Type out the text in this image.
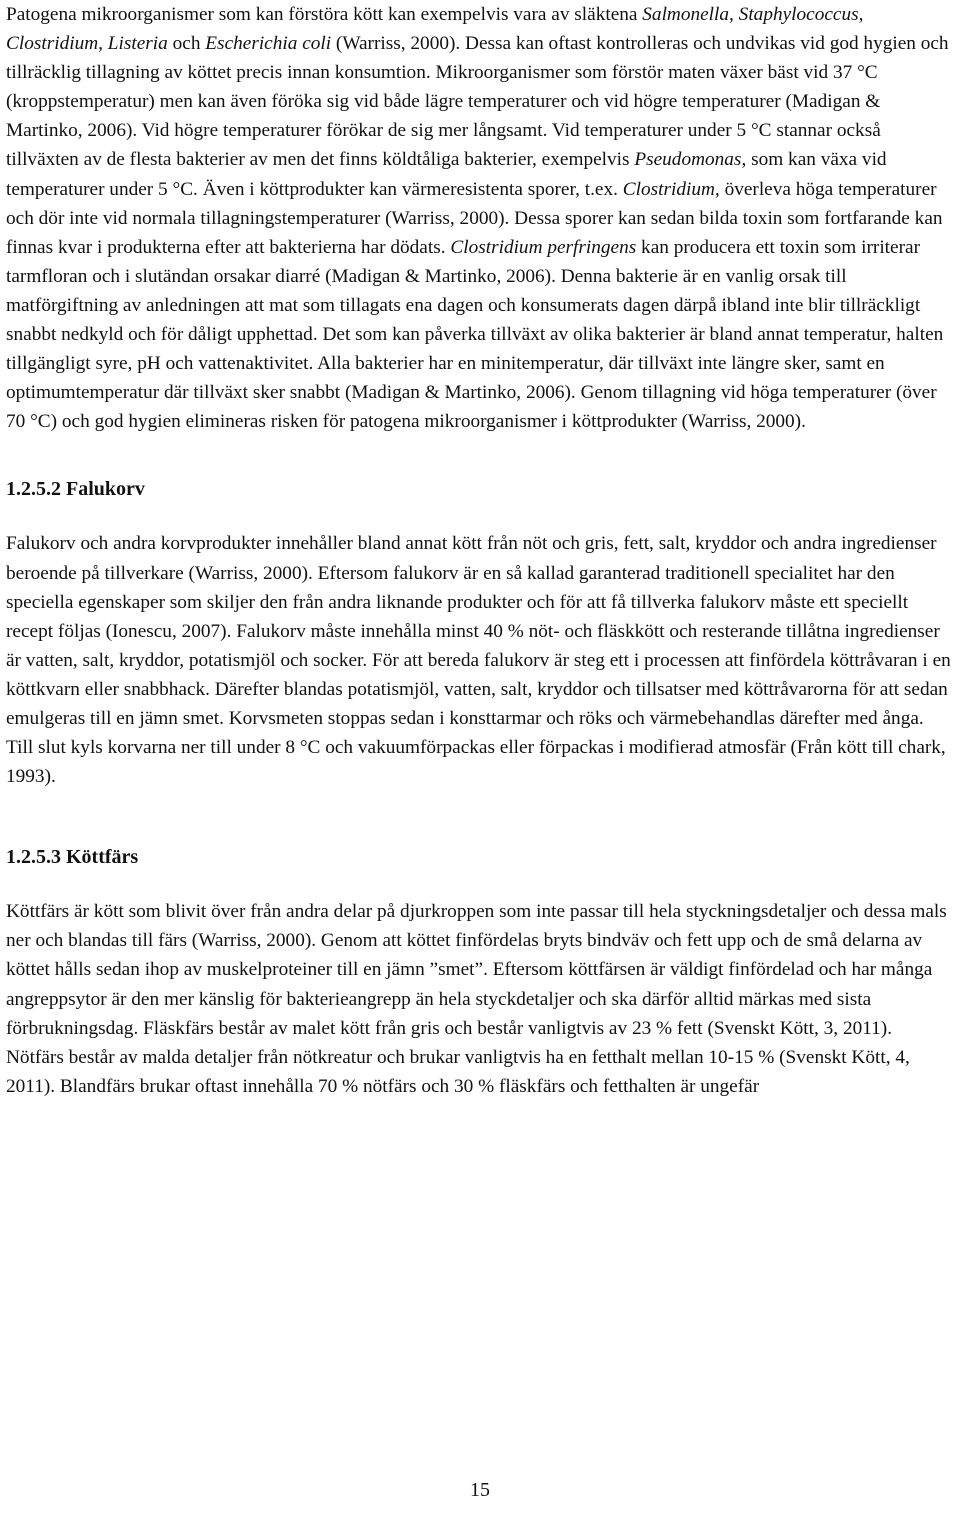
Patogena mikroorganismer som kan förstöra kött kan exempelvis vara av släktena Salmonella, Staphylococcus, Clostridium, Listeria och Escherichia coli (Warriss, 2000). Dessa kan oftast kontrolleras och undvikas vid god hygien och tillräcklig tillagning av köttet precis innan konsumtion. Mikroorganismer som förstör maten växer bäst vid 37 °C (kroppstemperatur) men kan även föröka sig vid både lägre temperaturer och vid högre temperaturer (Madigan & Martinko, 2006). Vid högre temperaturer förökar de sig mer långsamt. Vid temperaturer under 5 °C stannar också tillväxten av de flesta bakterier av men det finns köldtåliga bakterier, exempelvis Pseudomonas, som kan växa vid temperaturer under 5 °C. Även i köttprodukter kan värmeresistenta sporer, t.ex. Clostridium, överleva höga temperaturer och dör inte vid normala tillagningstemperaturer (Warriss, 2000). Dessa sporer kan sedan bilda toxin som fortfarande kan finnas kvar i produkterna efter att bakterierna har dödats. Clostridium perfringens kan producera ett toxin som irriterar tarmfloran och i slutändan orsakar diarré (Madigan & Martinko, 2006). Denna bakterie är en vanlig orsak till matförgiftning av anledningen att mat som tillagats ena dagen och konsumerats dagen därpå ibland inte blir tillräckligt snabbt nedkyld och för dåligt upphettad. Det som kan påverka tillväxt av olika bakterier är bland annat temperatur, halten tillgängligt syre, pH och vattenaktivitet. Alla bakterier har en minitemperatur, där tillväxt inte längre sker, samt en optimumtemperatur där tillväxt sker snabbt (Madigan & Martinko, 2006). Genom tillagning vid höga temperaturer (över 70 °C) och god hygien elimineras risken för patogena mikroorganismer i köttprodukter (Warriss, 2000).

1.2.5.2 Falukorv

Falukorv och andra korvprodukter innehåller bland annat kött från nöt och gris, fett, salt, kryddor och andra ingredienser beroende på tillverkare (Warriss, 2000). Eftersom falukorv är en så kallad garanterad traditionell specialitet har den speciella egenskaper som skiljer den från andra liknande produkter och för att få tillverka falukorv måste ett speciellt recept följas (Ionescu, 2007). Falukorv måste innehålla minst 40 % nöt- och fläskkött och resterande tillåtna ingredienser är vatten, salt, kryddor, potatismjöl och socker. För att bereda falukorv är steg ett i processen att finfördela köttråvaran i en köttkvarn eller snabbhack. Därefter blandas potatismjöl, vatten, salt, kryddor och tillsatser med köttråvarorna för att sedan emulgeras till en jämn smet. Korvsmeten stoppas sedan i konsttarmar och röks och värmebehandlas därefter med ånga. Till slut kyls korvarna ner till under 8 °C och vakuumförpackas eller förpackas i modifierad atmosfär (Från kött till chark, 1993).

1.2.5.3 Köttfärs

Köttfärs är kött som blivit över från andra delar på djurkroppen som inte passar till hela styckningsdetaljer och dessa mals ner och blandas till färs (Warriss, 2000). Genom att köttet finfördelas bryts bindväv och fett upp och de små delarna av köttet hålls sedan ihop av muskelproteiner till en jämn ”smet”. Eftersom köttfärsen är väldigt finfördelad och har många angreppsytor är den mer känslig för bakterieangrepp än hela styckdetaljer och ska därför alltid märkas med sista förbrukningsdag. Fläskfärs består av malet kött från gris och består vanligtvis av 23 % fett (Svenskt Kött, 3, 2011). Nötfärs består av malda detaljer från nötkreatur och brukar vanligtvis ha en fetthalt mellan 10-15 % (Svenskt Kött, 4, 2011). Blandfärs brukar oftast innehålla 70 % nötfärs och 30 % fläskfärs och fetthalten är ungefär

15
